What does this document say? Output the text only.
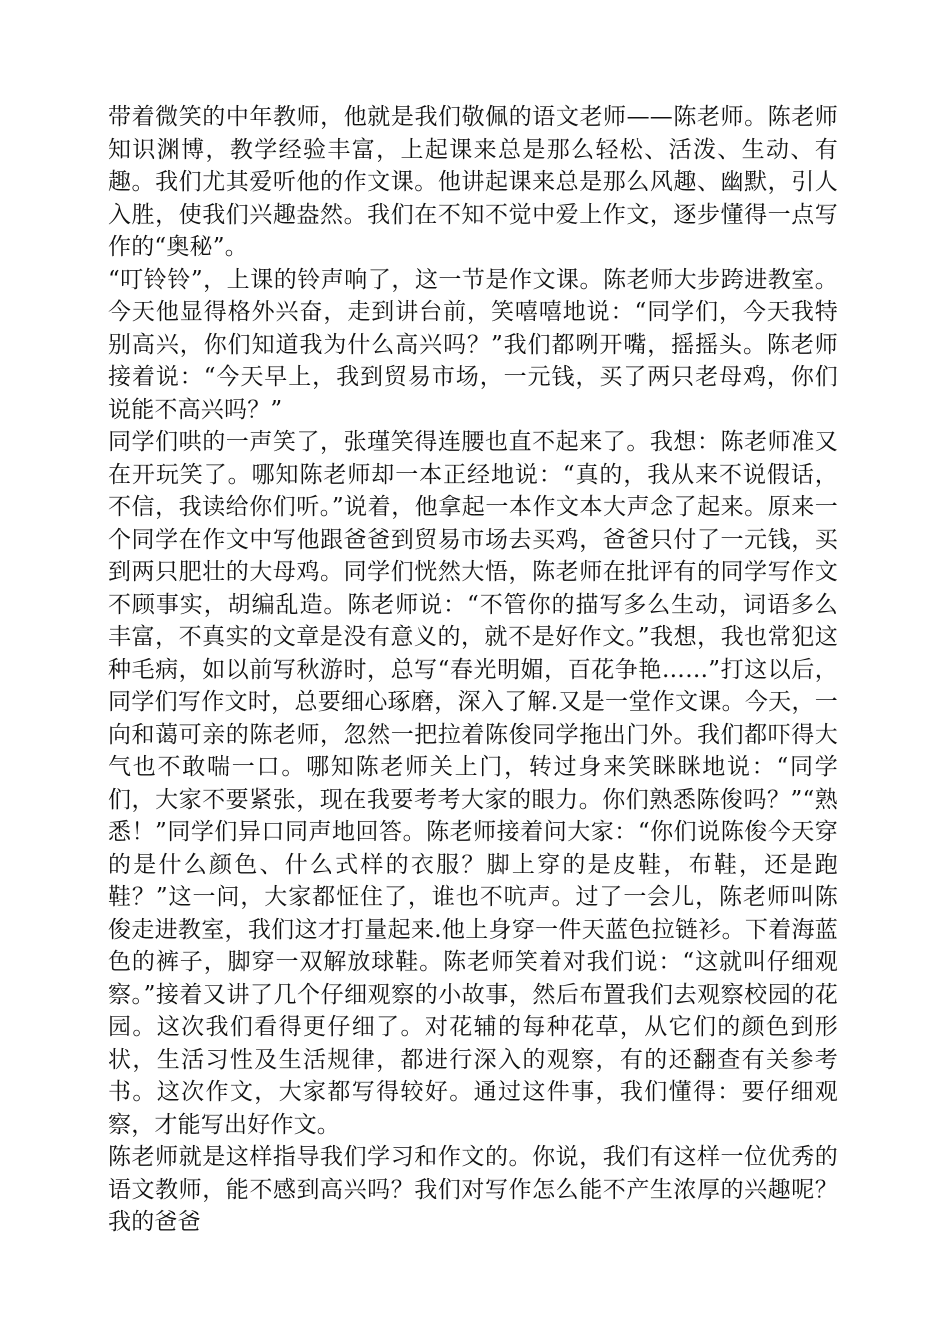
带着微笑的中年教师，他就是我们敬佩的语文老师——陈老师。陈老师知识渊博，教学经验丰富，上起课来总是那么轻松、活泼、生动、有趣。我们尤其爱听他的作文课。他讲起课来总是那么风趣、幽默，引人入胜，使我们兴趣盎然。我们在不知不觉中爱上作文，逐步懂得一点写作的“奥秘”。

“叮铃铃”，上课的铃声响了，这一节是作文课。陈老师大步跨进教室。今天他显得格外兴奋，走到讲台前，笑嘻嘻地说：“同学们，今天我特别高兴，你们知道我为什么高兴吗？”我们都咧开嘴，摇摇头。陈老师接着说：“今天早上，我到贸易市场，一元钱，买了两只老母鸡，你们说能不高兴吗？”

同学们哄的一声笑了，张瑾笑得连腰也直不起来了。我想：陈老师准又在开玩笑了。哪知陈老师却一本正经地说：“真的，我从来不说假话，不信，我读给你们听。”说着，他拿起一本作文本大声念了起来。原来一个同学在作文中写他跟爸爸到贸易市场去买鸡，爸爸只付了一元钱，买到两只肥壮的大母鸡。同学们恍然大悟，陈老师在批评有的同学写作文不顾事实，胡编乱造。陈老师说：“不管你的描写多么生动，词语多么丰富，不真实的文章是没有意义的，就不是好作文。”我想，我也常犯这种毛病，如以前写秋游时，总写“春光明媚，百花争艳……”打这以后，同学们写作文时，总要细心琢磨，深入了解.又是一堂作文课。今天，一向和蔼可亲的陈老师，忽然一把拉着陈俊同学拖出门外。我们都吓得大气也不敢喘一口。哪知陈老师关上门，转过身来笑眯眯地说：“同学们，大家不要紧张，现在我要考考大家的眼力。你们熟悉陈俊吗？”“熟悉！”同学们异口同声地回答。陈老师接着问大家：“你们说陈俊今天穿的是什么颜色、什么式样的衣服？脚上穿的是皮鞋，布鞋，还是跑鞋？”这一问，大家都怔住了，谁也不吭声。过了一会儿，陈老师叫陈俊走进教室，我们这才打量起来.他上身穿一件天蓝色拉链衫。下着海蓝色的裤子，脚穿一双解放球鞋。陈老师笑着对我们说：“这就叫仔细观察。”接着又讲了几个仔细观察的小故事，然后布置我们去观察校园的花园。这次我们看得更仔细了。对花辅的每种花草，从它们的颜色到形状，生活习性及生活规律，都进行深入的观察，有的还翻查有关参考书。这次作文，大家都写得较好。通过这件事，我们懂得：要仔细观察，才能写出好作文。

陈老师就是这样指导我们学习和作文的。你说，我们有这样一位优秀的语文教师，能不感到高兴吗？我们对写作怎么能不产生浓厚的兴趣呢？我的爸爸
